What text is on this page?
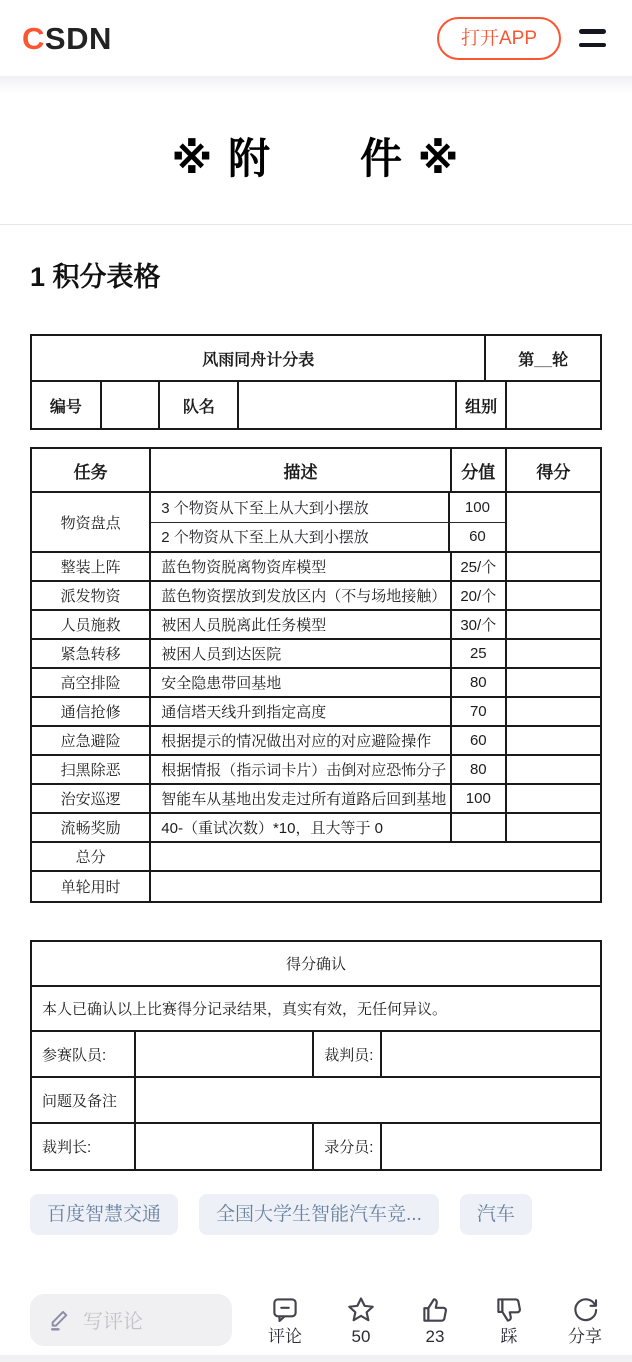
CSDN	打开APP
※ 附　　件 ※
1 积分表格
风雨同舟计分表	第__轮
编号	队名	组别
任务	描述	分值	得分
物资盘点
3 个物资从下至上从大到小摆放	100
2 个物资从下至上从大到小摆放	60
整装上阵	蓝色物资脱离物资库模型	25/个
派发物资	蓝色物资摆放到发放区内（不与场地接触） 20/个
人员施救	被困人员脱离此任务模型	30/个
紧急转移	被困人员到达医院	25
高空排险	安全隐患带回基地	80
通信抢修	通信塔天线升到指定高度	70
应急避险	根据提示的情况做出对应的对应避险操作	60
扫黑除恶	根据情报（指示词卡片）击倒对应恐怖分子	80
治安巡逻	智能车从基地出发走过所有道路后回到基地	100
流畅奖励	40-（重试次数）*10，且大等于 0
总分
单轮用时
得分确认
本人已确认以上比赛得分记录结果，真实有效，无任何异议。
参赛队员:	裁判员:
问题及备注
裁判长:	录分员:
百度智慧交通	全国大学生智能汽车竞...	汽车
写评论
评论	50	23	踩	分享
